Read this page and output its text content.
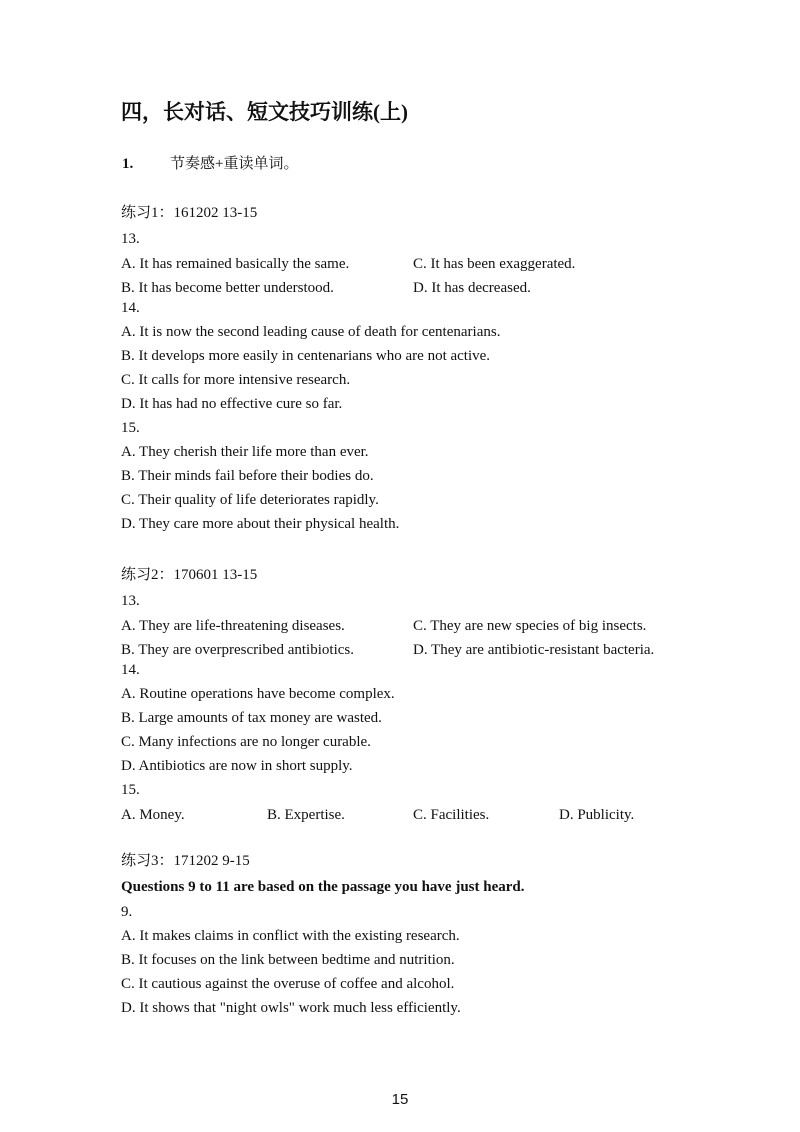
四，长对话、短文技巧训练(上)
1. 节奏感+重读单词。
练习1：161202 13-15
13.
A. It has remained basically the same.	C. It has been exaggerated.
B. It has become better understood.	D. It has decreased.
14.
A. It is now the second leading cause of death for centenarians.
B. It develops more easily in centenarians who are not active.
C. It calls for more intensive research.
D. It has had no effective cure so far.
15.
A. They cherish their life more than ever.
B. Their minds fail before their bodies do.
C. Their quality of life deteriorates rapidly.
D. They care more about their physical health.
练习2：170601 13-15
13.
A. They are life-threatening diseases.	C. They are new species of big insects.
B. They are overprescribed antibiotics.	D. They are antibiotic-resistant bacteria.
14.
A. Routine operations have become complex.
B. Large amounts of tax money are wasted.
C. Many infections are no longer curable.
D. Antibiotics are now in short supply.
15.
A. Money.	B. Expertise.	C. Facilities.	D. Publicity.
练习3：171202 9-15
Questions 9 to 11 are based on the passage you have just heard.
9.
A. It makes claims in conflict with the existing research.
B. It focuses on the link between bedtime and nutrition.
C. It cautious against the overuse of coffee and alcohol.
D. It shows that "night owls" work much less efficiently.
15
